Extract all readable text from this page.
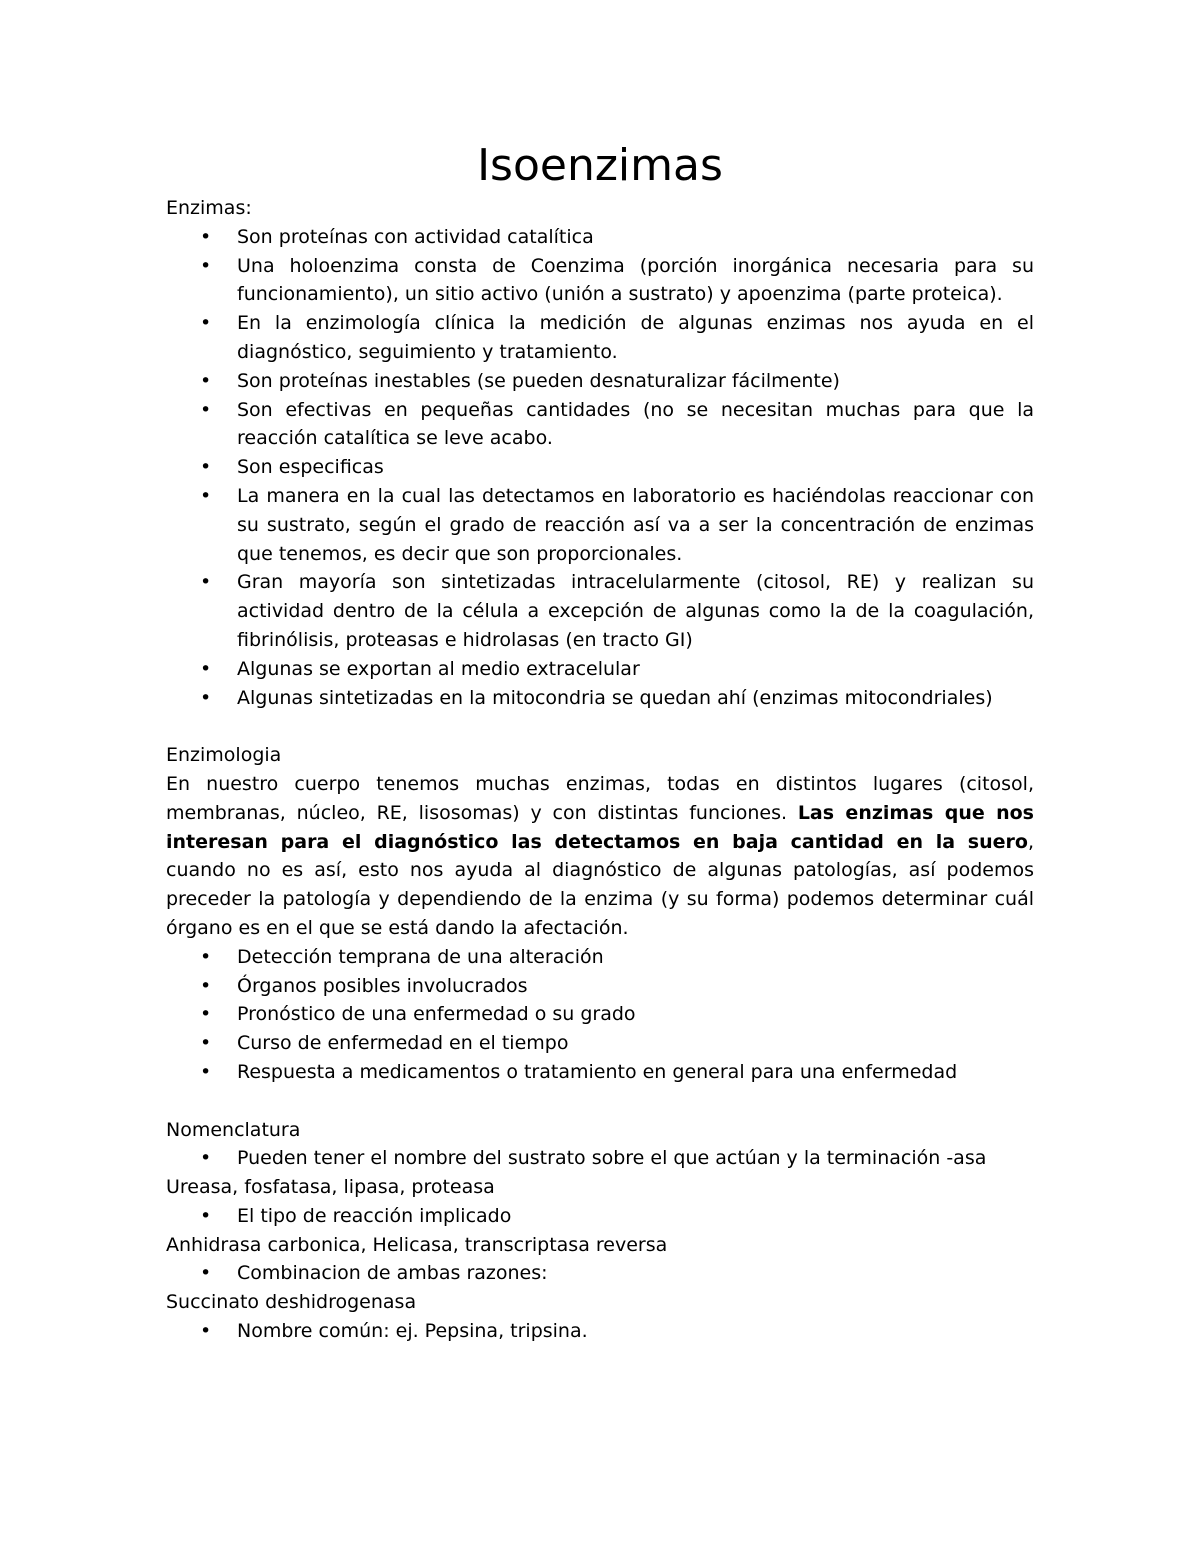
Isoenzimas

Enzimas:

• Son proteínas con actividad catalítica
• Una holoenzima consta de Coenzima (porción inorgánica necesaria para su funcionamiento), un sitio activo (unión a sustrato) y apoenzima (parte proteica).
• En la enzimología clínica la medición de algunas enzimas nos ayuda en el diagnóstico, seguimiento y tratamiento.
• Son proteínas inestables (se pueden desnaturalizar fácilmente)
• Son efectivas en pequeñas cantidades (no se necesitan muchas para que la reacción catalítica se leve acabo.
• Son especificas
• La manera en la cual las detectamos en laboratorio es haciéndolas reaccionar con su sustrato, según el grado de reacción así va a ser la concentración de enzimas que tenemos, es decir que son proporcionales.
• Gran mayoría son sintetizadas intracelularmente (citosol, RE) y realizan su actividad dentro de la célula a excepción de algunas como la de la coagulación, fibrinólisis, proteasas e hidrolasas (en tracto GI)
• Algunas se exportan al medio extracelular
• Algunas sintetizadas en la mitocondria se quedan ahí (enzimas mitocondriales)

Enzimologia

En nuestro cuerpo tenemos muchas enzimas, todas en distintos lugares (citosol, membranas, núcleo, RE, lisosomas) y con distintas funciones. Las enzimas que nos interesan para el diagnóstico las detectamos en baja cantidad en la suero, cuando no es así, esto nos ayuda al diagnóstico de algunas patologías, así podemos preceder la patología y dependiendo de la enzima (y su forma) podemos determinar cuál órgano es en el que se está dando la afectación.

• Detección temprana de una alteración
• Órganos posibles involucrados
• Pronóstico de una enfermedad o su grado
• Curso de enfermedad en el tiempo
• Respuesta a medicamentos o tratamiento en general para una enfermedad

Nomenclatura

• Pueden tener el nombre del sustrato sobre el que actúan y la terminación -asa

Ureasa, fosfatasa, lipasa, proteasa

• El tipo de reacción implicado

Anhidrasa carbonica, Helicasa, transcriptasa reversa

• Combinacion de ambas razones:

Succinato deshidrogenasa

• Nombre común: ej. Pepsina, tripsina.
